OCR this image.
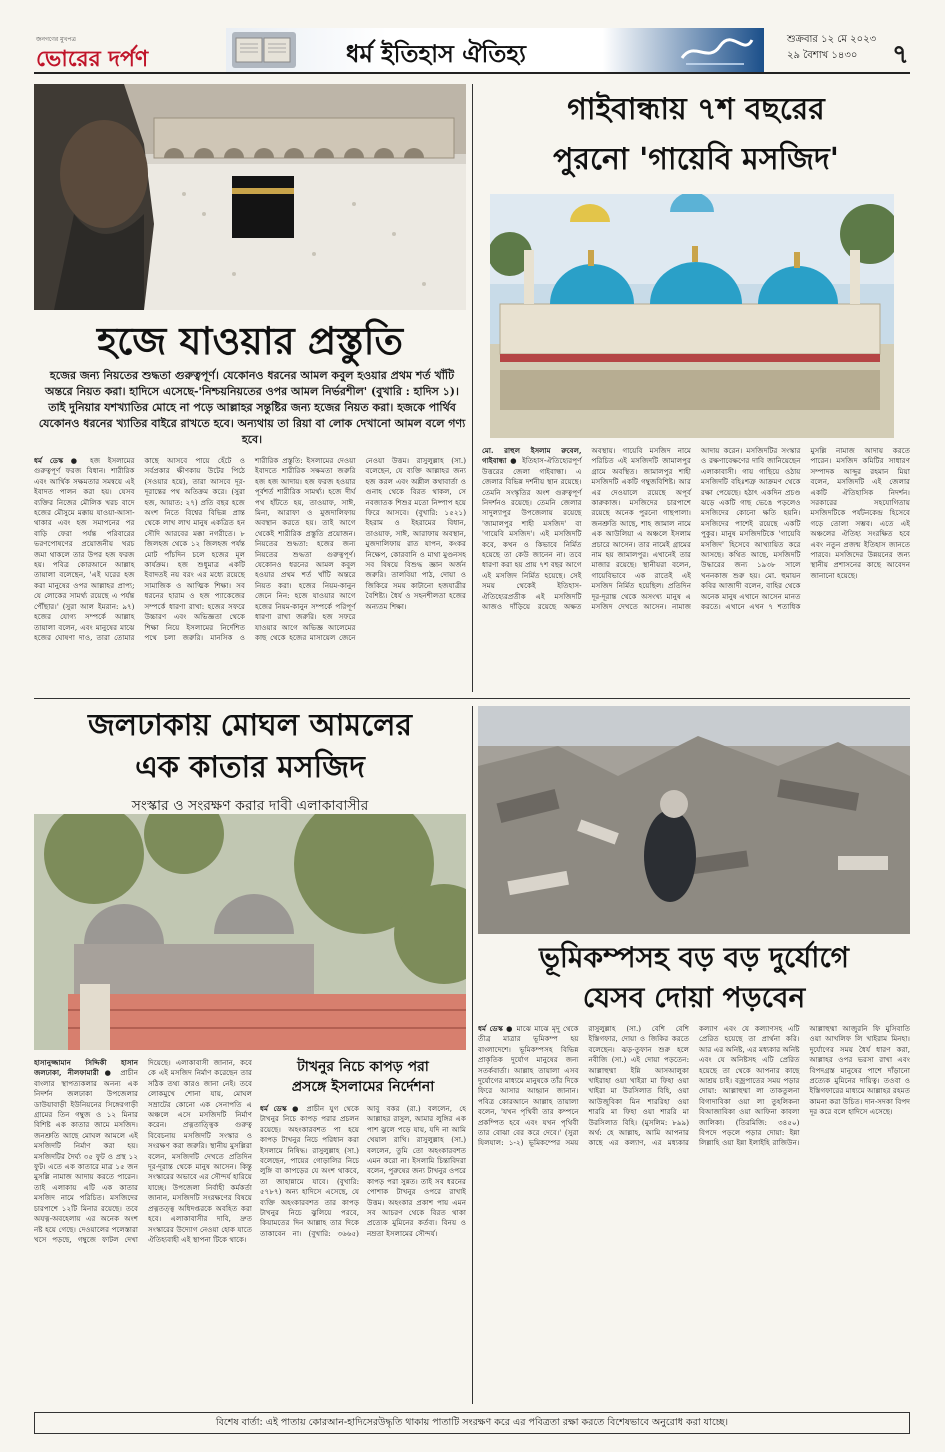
জনগণের মুখপত্র
ভোরের দর্পণ	ধর্ম ইতিহাস ঐতিহ্য
শুক্রবার ১২ মে ২০২৩
২৯ বৈশাখ ১৪৩০	৭
হজে যাওয়ার প্রস্তুতি
হজের জন্য নিয়তের শুদ্ধতা গুরুত্বপূর্ণ। যেকোনও ধরনের আমল কবুল হওয়ার প্রথম শর্ত খাঁটি অন্তরে নিয়ত করা। হাদিসে এসেছে-'নিশ্চয়নিয়তের ওপর আমল নির্ভরশীল' (বুখারি : হাদিস ১)। তাই দুনিয়ার যশখ্যাতির মোহে না পড়ে আল্লাহর সন্তুষ্টির জন্য হজের নিয়ত করা। হজকে পার্থিব যেকোনও ধরনের খ্যাতির বাইরে রাখতে হবে। অন্যথায় তা রিয়া বা লোক দেখানো আমল বলে গণ্য হবে।

ধর্ম ডেস্ক ● হজ ইসলামের গুরুত্বপূর্ণ ফরজ বিধান। শারীরিক এবং আর্থিক সক্ষমতার সমন্বয়ে এই ইবাদত পালন করা হয়। যেসব ব্যক্তির নিজের মৌলিক খরচ বাদে হজের মৌসুমে মক্কায় যাওয়া-আসা-থাকার এবং হজ সমাপনের পর বাড়ি ফেরা পর্যন্ত পরিবারের ভরণপোষণের প্রয়োজনীয় খরচ জমা থাকলে তার উপর হজ ফরজ হয়। পবিত্র কোরআনে আল্লাহ তায়ালা বলেছেন, 'এই ঘরের হজ করা মানুষের ওপর আল্লাহর প্রাপ্য; যে লোকের সামর্থ্য রয়েছে এ পর্যন্ত পৌঁছার।' (সুরা আল ইমরান: ৯৭) হজের যোগ্য সম্পর্কে আল্লাহ তায়ালা বলেন, এবং মানুষের মাঝে হজের ঘোষণা দাও, তারা তোমার কাছে আসবে পায়ে হেঁটে ও সর্বপ্রকার ক্ষীণকায় উটের পিঠে (সওয়ার হয়ে), তারা আসবে দূর-দূরান্তের পথ অতিক্রম করে। (সুরা হজ, আয়াত: ২৭) প্রতি বছর হজে অংশ নিতে বিশ্বের বিভিন্ন প্রান্ত থেকে লাখ লাখ মানুষ একত্রিত হন সৌদি আরবের মক্কা নগরীতে। ৮ জিলহজ থেকে ১২ জিলহজ পর্যন্ত মোট পাঁচদিন চলে হজের মূল কার্যক্রম। হজ শুধুমাত্র একটি ইবাদতই নয় বরং এর মধ্যে রয়েছে সামাজিক ও আত্মিক শিক্ষা। সব ধরনের হারাম ও হজ প্যাকেজের সম্পর্কে ধারণা রাখা: হজের সফরে উচ্চারণ এবং অভিজ্ঞতা থেকে শিক্ষা নিয়ে ইসলামের নির্দেশিত পথে চলা জরুরি। মানসিক ও শারীরিক প্রস্তুতি: ইসলামের দেওয়া ইবাদতে শারীরিক সক্ষমতা জরুরি হজ হজ আদায়। হজ ফরজ হওয়ার পূর্বশর্ত শারীরিক সামর্থ্য। হজে দীর্ঘ পথ হাঁটতে হয়, তাওয়াফ, সাঈ, মিনা, আরাফা ও মুজদালিফায় অবস্থান করতে হয়। তাই আগে থেকেই শারীরিক প্রস্তুতি প্রয়োজন। নিয়তের শুদ্ধতা: হজের জন্য নিয়তের শুদ্ধতা গুরুত্বপূর্ণ। যেকোনও ধরনের আমল কবুল হওয়ার প্রথম শর্ত খাঁটি অন্তরে নিয়ত করা। হজের নিয়ম-কানুন জেনে নিন: হজে যাওয়ার আগে হজের নিয়ম-কানুন সম্পর্কে পরিপূর্ণ ধারণা রাখা জরুরি। হজ সফরে যাওয়ার আগে অভিজ্ঞ আলেমের কাছ থেকে হজের মাসায়েল জেনে নেওয়া উত্তম। রাসুলুল্লাহ (সা.) বলেছেন, যে ব্যক্তি আল্লাহর জন্য হজ করল এবং অশ্লীল কথাবার্তা ও গুনাহ থেকে বিরত থাকল, সে নবজাতক শিশুর মতো নিষ্পাপ হয়ে ফিরে আসবে। (বুখারি: ১৫২১) ইহরাম ও ইহরামের বিধান, তাওয়াফ, সাঈ, আরাফায় অবস্থান, মুজদালিফায় রাত যাপন, কংকর নিক্ষেপ, কোরবানি ও মাথা মুণ্ডনসহ সব বিষয়ে বিশুদ্ধ জ্ঞান অর্জন জরুরি। তালবিয়া পাঠ, দোয়া ও জিকিরে সময় কাটানো হজযাত্রীর বৈশিষ্ট্য। ধৈর্য ও সহনশীলতা হজের অন্যতম শিক্ষা।

গাইবান্ধায় ৭শ বছরের
পুরনো 'গায়েবি মসজিদ'

মো. রাহুল ইসলাম রুবেল, গাইবান্ধা ● ইতিহাস-ঐতিহ্যেরপূর্ণ উত্তরের জেলা গাইবান্ধা। এ জেলার বিভিন্ন দর্শনীয় স্থান রয়েছে। তেমনি সংস্কৃতির অংশ গুরুত্বপূর্ণ নিদর্শনও রয়েছে। তেমনি জেলার সাদুল্যাপুর উপজেলায় রয়েছে 'জামালপুর শাহী মসজিদ' বা 'গায়েবি মসজিদ'। এই মসজিদটি কবে, কখন ও কিভাবে নির্মিত হয়েছে তা কেউ জানেন না। তবে ধারণা করা হয় প্রায় ৭শ বছর আগে এই মসজিদ নির্মিত হয়েছে। সেই সময় থেকেই ইতিহাস-ঐতিহ্যেরপ্রতীক এই মসজিদটি আজও দাঁড়িয়ে রয়েছে অক্ষত অবস্থায়। গায়েবি মসজিদ নামে পরিচিত এই মসজিদটি জামালপুর গ্রামে অবস্থিত। জামালপুর শাহী মসজিদটি একটি গম্বুজবিশিষ্ট। আর এর দেওয়ালে রয়েছে অপূর্ব কারুকাজ। মসজিদের চারপাশে রয়েছে অনেক পুরনো গাছপালা। জনশ্রুতি আছে, শাহ জামাল নামে এক আউলিয়া এ অঞ্চলে ইসলাম প্রচারে আসেন। তার নামেই গ্রামের নাম হয় জামালপুর। এখানেই তার মাজার রয়েছে। স্থানীয়রা বলেন, গায়েবিভাবে এক রাতেই এই মসজিদ নির্মিত হয়েছিল। প্রতিদিন দূর-দূরান্ত থেকে অসংখ্য মানুষ এ মসজিদ দেখতে আসেন। নামাজ আদায় করেন। মসজিদটির সংস্কার ও রক্ষণাবেক্ষণের দাবি জানিয়েছেন এলাকাবাসী। গায় গাছিয়ে ওঠায় মসজিদটি বহিঃশত্রু আক্রমণ থেকে রক্ষা পেয়েছে। হঠাৎ একদিন প্রচণ্ড ঝড়ে একটি গাছ ভেঙে পড়লেও মসজিদের কোনো ক্ষতি হয়নি। মসজিদের পাশেই রয়েছে একটি পুকুর। মানুষ মসজিদটিকে 'গায়েবি মসজিদ' হিসেবে আখ্যায়িত করে আসছে। কথিত আছে, মসজিদটি উদ্ধারের জন্য ১৯৩৮ সালে খননকাজ শুরু হয়। মো. হুমায়ন কবির আজাদী বলেন, বাহির থেকে অনেক মানুষ এখানে আসেন মানত করতে। এখানে এখন ৭ শতাধিক মুসল্লি নামাজ আদায় করতে পারেন। মসজিদ কমিটির সাধারণ সম্পাদক আব্দুর রহমান মিয়া বলেন, মসজিদটি এই জেলার একটি ঐতিহাসিক নিদর্শন। সরকারের সহযোগিতায় মসজিদটিকে পর্যটনকেন্দ্র হিসেবে গড়ে তোলা সম্ভব। এতে এই অঞ্চলের ঐতিহ্য সংরক্ষিত হবে এবং নতুন প্রজন্ম ইতিহাস জানতে পারবে। মসজিদের উন্নয়নের জন্য স্থানীয় প্রশাসনের কাছে আবেদন জানানো হয়েছে।

জলঢাকায় মোঘল আমলের
এক কাতার মসজিদ
সংস্কার ও সংরক্ষণ করার দাবী এলাকাবাসীর

হাসানুজ্জামান সিদ্দিকী হাসান জলঢাকা, নীলফামারী ● প্রাচীন বাংলার স্থাপত্যকলার অনন্য এক নিদর্শন জলঢাকা উপজেলার ডাউয়াবাড়ী ইউনিয়নের সিঙ্গেরগাড়ী গ্রামের তিন গম্বুজ ও ১২ মিনার বিশিষ্ট এক কাতার জামে মসজিদ। জনশ্রুতি আছে মোঘল আমলে এই মসজিদটি নির্মাণ করা হয়। মসজিদটির দৈর্ঘ্য ৩৫ ফুট ও প্রস্থ ১২ ফুট। এতে এক কাতারে মাত্র ১৫ জন মুসল্লি নামাজ আদায় করতে পারেন। তাই এলাকায় এটি এক কাতার মসজিদ নামে পরিচিত। মসজিদের চারপাশে ১২টি মিনার রয়েছে। তবে অযত্ন-অবহেলায় এর অনেক অংশ নষ্ট হয়ে গেছে। দেওয়ালের পলেস্তারা খসে পড়ছে, গম্বুজে ফাটল দেখা দিয়েছে। এলাকাবাসী জানান, কবে কে এই মসজিদ নির্মাণ করেছেন তার সঠিক তথ্য কারও জানা নেই। তবে লোকমুখে শোনা যায়, মোঘল সম্রাটের কোনো এক সেনাপতি এ অঞ্চলে এসে মসজিদটি নির্মাণ করেন। প্রত্নতাত্ত্বিক গুরুত্ব বিবেচনায় মসজিদটি সংস্কার ও সংরক্ষণ করা জরুরি। স্থানীয় মুসল্লিরা বলেন, মসজিদটি দেখতে প্রতিদিন দূর-দূরান্ত থেকে মানুষ আসেন। কিন্তু সংস্কারের অভাবে এর সৌন্দর্য হারিয়ে যাচ্ছে। উপজেলা নির্বাহী কর্মকর্তা জানান, মসজিদটি সংরক্ষণের বিষয়ে প্রত্নতত্ত্ব অধিদপ্তরকে অবহিত করা হবে। এলাকাবাসীর দাবি, দ্রুত সংস্কারের উদ্যোগ নেওয়া হোক যাতে ঐতিহ্যবাহী এই স্থাপনা টিকে থাকে।

টাখনুর নিচে কাপড় পরা
প্রসঙ্গে ইসলামের নির্দেশনা

ধর্ম ডেস্ক ● প্রাচীন যুগ থেকে টাখনুর নিচে কাপড় পরার প্রচলন রয়েছে। অহংকারবশত পা হয়ে কাপড় টাখনুর নিচে পরিধান করা ইসলামে নিষিদ্ধ। রাসুলুল্লাহ (সা.) বলেছেন, পায়ের গোড়ালির নিচে লুঙ্গি বা কাপড়ের যে অংশ থাকবে, তা জাহান্নামে যাবে। (বুখারি: ৫৭৮৭) অন্য হাদিসে এসেছে, যে ব্যক্তি অহংকারবশত তার কাপড় টাখনুর নিচে ঝুলিয়ে পরবে, কিয়ামতের দিন আল্লাহ তার দিকে তাকাবেন না। (বুখারি: ৩৬৬৫) আবু বকর (রা.) বললেন, হে আল্লাহর রাসুল, আমার লুঙ্গির এক পাশ ঝুলে পড়ে যায়, যদি না আমি খেয়াল রাখি। রাসুলুল্লাহ (সা.) বললেন, তুমি তো অহংকারবশত এমন করো না। ইসলামি চিন্তাবিদরা বলেন, পুরুষের জন্য টাখনুর ওপরে কাপড় পরা সুন্নত। তাই সব ধরনের পোশাক টাখনুর ওপরে রাখাই উত্তম। অহংকার প্রকাশ পায় এমন সব আচরণ থেকে বিরত থাকা প্রত্যেক মুমিনের কর্তব্য। বিনয় ও নম্রতা ইসলামের সৌন্দর্য।

ভূমিকম্পসহ বড় বড় দুর্যোগে
যেসব দোয়া পড়বেন

ধর্ম ডেস্ক ● মাঝে মাঝে মৃদু থেকে তীব্র মাত্রার ভূমিকম্প হয় বাংলাদেশে। ভূমিকম্পসহ বিভিন্ন প্রাকৃতিক দুর্যোগ মানুষের জন্য সতর্কবার্তা। আল্লাহ তায়ালা এসব দুর্যোগের মাধ্যমে মানুষকে তাঁর দিকে ফিরে আসার আহ্বান জানান। পবিত্র কোরআনে আল্লাহ তায়ালা বলেন, 'যখন পৃথিবী তার কম্পনে প্রকম্পিত হবে এবং যখন পৃথিবী তার বোঝা বের করে দেবে।' (সুরা যিলযাল: ১-২) ভূমিকম্পের সময় রাসুলুল্লাহ (সা.) বেশি বেশি ইস্তিগফার, দোয়া ও জিকির করতে বলেছেন। ঝড়-তুফান শুরু হলে নবীজি (সা.) এই দোয়া পড়তেন: আল্লাহুম্মা ইন্নি আসআলুকা খাইরাহা ওয়া খাইরা মা ফিহা ওয়া খাইরা মা উরসিলাত বিহি, ওয়া আউজুবিকা মিন শাররিহা ওয়া শাররি মা ফিহা ওয়া শাররি মা উরসিলাত বিহি। (মুসলিম: ৮৯৯) অর্থ: হে আল্লাহ, আমি আপনার কাছে এর কল্যাণ, এর মধ্যকার কল্যাণ এবং যে কল্যাণসহ এটি প্রেরিত হয়েছে তা প্রার্থনা করি। আর এর অনিষ্ট, এর মধ্যকার অনিষ্ট এবং যে অনিষ্টসহ এটি প্রেরিত হয়েছে তা থেকে আপনার কাছে আশ্রয় চাই। বজ্রপাতের সময় পড়ার দোয়া: আল্লাহুম্মা লা তাকতুলনা বিগাদাবিকা ওয়া লা তুহলিকনা বিআজাবিকা ওয়া আফিনা কাবলা জালিকা। (তিরমিজি: ৩৪৫০) বিপদে পড়লে পড়ার দোয়া: ইন্না লিল্লাহি ওয়া ইন্না ইলাইহি রাজিউন। আল্লাহুম্মা আজুরনি ফি মুসিবাতি ওয়া আখলিফ লি খাইরাম মিনহা। দুর্যোগের সময় ধৈর্য ধারণ করা, আল্লাহর ওপর ভরসা রাখা এবং বিপদগ্রস্ত মানুষের পাশে দাঁড়ানো প্রত্যেক মুমিনের দায়িত্ব। তওবা ও ইস্তিগফারের মাধ্যমে আল্লাহর রহমত কামনা করা উচিত। দান-সদকা বিপদ দূর করে বলে হাদিসে এসেছে।

বিশেষ বার্তা: এই পাতায় কোরআন-হাদিসেরউদ্ধৃতি থাকায় পাতাটি সংরক্ষণ করে এর পবিত্রতা রক্ষা করতে বিশেষভাবে অনুরোধ করা যাচ্ছে।
